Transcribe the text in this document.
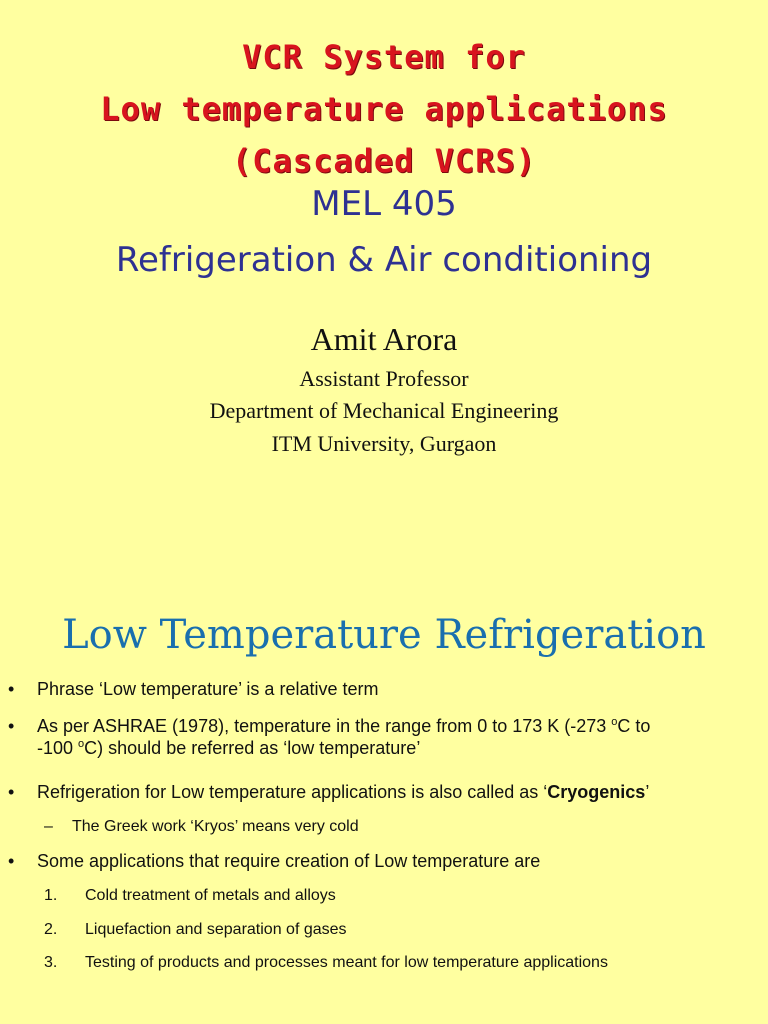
VCR System for
Low temperature applications
(Cascaded VCRS)
MEL 405
Refrigeration & Air conditioning
Amit Arora
Assistant Professor
Department of Mechanical Engineering
ITM University, Gurgaon
Low Temperature Refrigeration
• Phrase ‘Low temperature’ is a relative term
• As per ASHRAE (1978), temperature in the range from 0 to 173 K (-273 $^o$C to
-100 $^o$C) should be referred as ‘low temperature’
• Refrigeration for Low temperature applications is also called as ‘Cryogenics’
– The Greek work ‘Kryos’ means very cold
• Some applications that require creation of Low temperature are
1. Cold treatment of metals and alloys
2. Liquefaction and separation of gases
3. Testing of products and processes meant for low temperature applications
